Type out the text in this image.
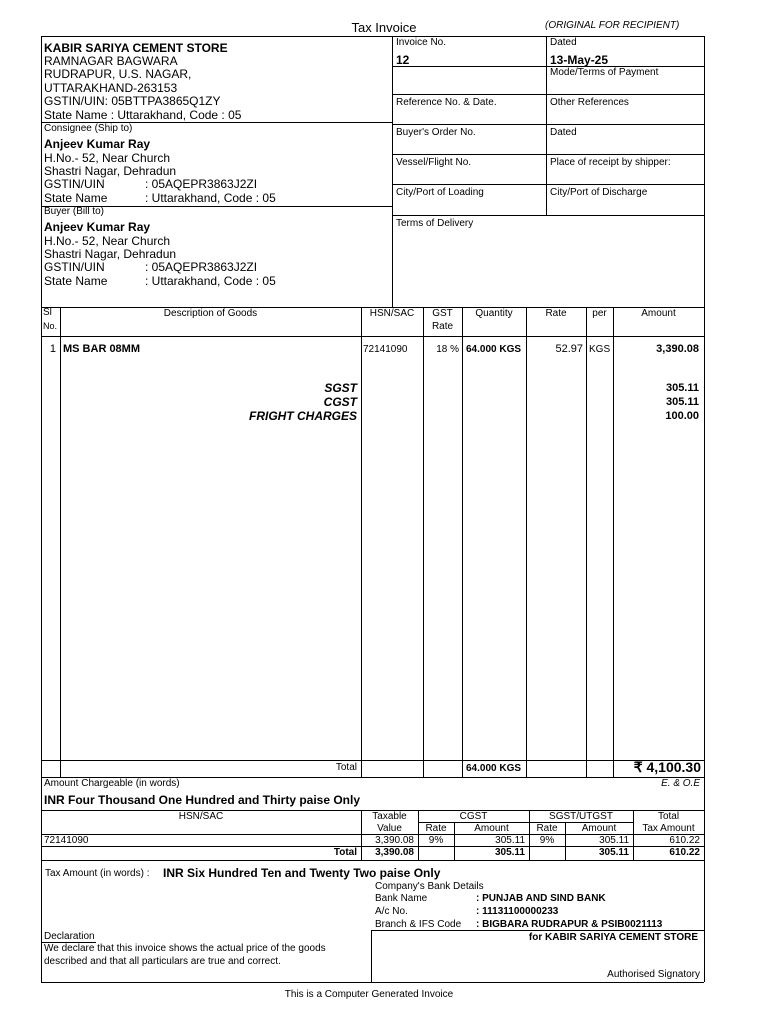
Tax Invoice	(ORIGINAL FOR RECIPIENT)
KABIR SARIYA CEMENT STORE
RAMNAGAR BAGWARA
RUDRAPUR, U.S. NAGAR,
UTTARAKHAND-263153
GSTIN/UIN: 05BTTPA3865Q1ZY
State Name : Uttarakhand, Code : 05
Consignee (Ship to)
Anjeev Kumar Ray
H.No.- 52, Near Church
Shastri Nagar, Dehradun
GSTIN/UIN	: 05AQEPR3863J2ZI
State Name	: Uttarakhand, Code : 05
Buyer (Bill to)
Anjeev Kumar Ray
H.No.- 52, Near Church
Shastri Nagar, Dehradun
GSTIN/UIN	: 05AQEPR3863J2ZI
State Name	: Uttarakhand, Code : 05
Invoice No.
12
Dated
13-May-25
Mode/Terms of Payment
Reference No. & Date.	Other References
Buyer's Order No.	Dated
Vessel/Flight No.	Place of receipt by shipper:
City/Port of Loading	City/Port of Discharge
Terms of Delivery
Sl
No.
Description of Goods	HSN/SAC	GST
Rate
Quantity	Rate	per	Amount
1 MS BAR 08MM	72141090	18 % 64.000 KGS	52.97 KGS	3,390.08
SGST	305.11
CGST	305.11
FRIGHT CHARGES	100.00
Total	64.000 KGS	₹ 4,100.30
Amount Chargeable (in words)	E. & O.E
INR Four Thousand One Hundred and Thirty paise Only
HSN/SAC	Taxable
Value
CGST
Rate	Amount
SGST/UTGST
Rate	Amount
Total
Tax Amount
72141090	3,390.08	9%	305.11	9%	305.11	610.22
Total	3,390.08	305.11	305.11	610.22
Tax Amount (in words) : INR Six Hundred Ten and Twenty Two paise Only
Company's Bank Details
Bank Name	: PUNJAB AND SIND BANK
A/c No.	: 11131100000233
Branch & IFS Code : BIGBARA RUDRAPUR & PSIB0021113
Declaration
We declare that this invoice shows the actual price of the goods
described and that all particulars are true and correct.
for KABIR SARIYA CEMENT STORE
Authorised Signatory
This is a Computer Generated Invoice
